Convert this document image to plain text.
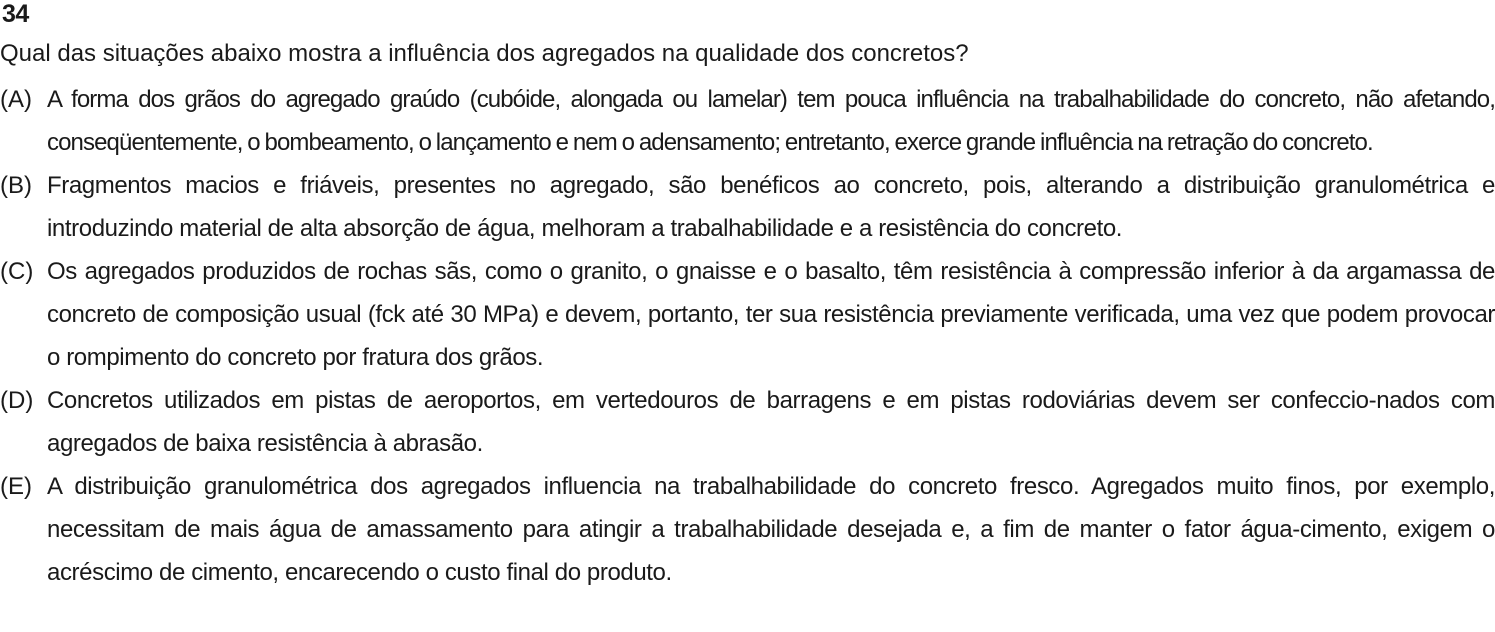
34
Qual das situações abaixo mostra a influência dos agregados na qualidade dos concretos?
(A) A forma dos grãos do agregado graúdo (cubóide, alongada ou lamelar) tem pouca influência na trabalhabilidade do concreto, não afetando, conseqüentemente, o bombeamento, o lançamento e nem o adensamento; entretanto, exerce grande influência na retração do concreto.
(B) Fragmentos macios e friáveis, presentes no agregado, são benéficos ao concreto, pois, alterando a distribuição granulométrica e introduzindo material de alta absorção de água, melhoram a trabalhabilidade e a resistência do concreto.
(C) Os agregados produzidos de rochas sãs, como o granito, o gnaisse e o basalto, têm resistência à compressão inferior à da argamassa de concreto de composição usual (fck até 30 MPa) e devem, portanto, ter sua resistência previamente verificada, uma vez que podem provocar o rompimento do concreto por fratura dos grãos.
(D) Concretos utilizados em pistas de aeroportos, em vertedouros de barragens e em pistas rodoviárias devem ser confeccio-nados com agregados de baixa resistência à abrasão.
(E) A distribuição granulométrica dos agregados influencia na trabalhabilidade do concreto fresco. Agregados muito finos, por exemplo, necessitam de mais água de amassamento para atingir a trabalhabilidade desejada e, a fim de manter o fator água-cimento, exigem o acréscimo de cimento, encarecendo o custo final do produto.
